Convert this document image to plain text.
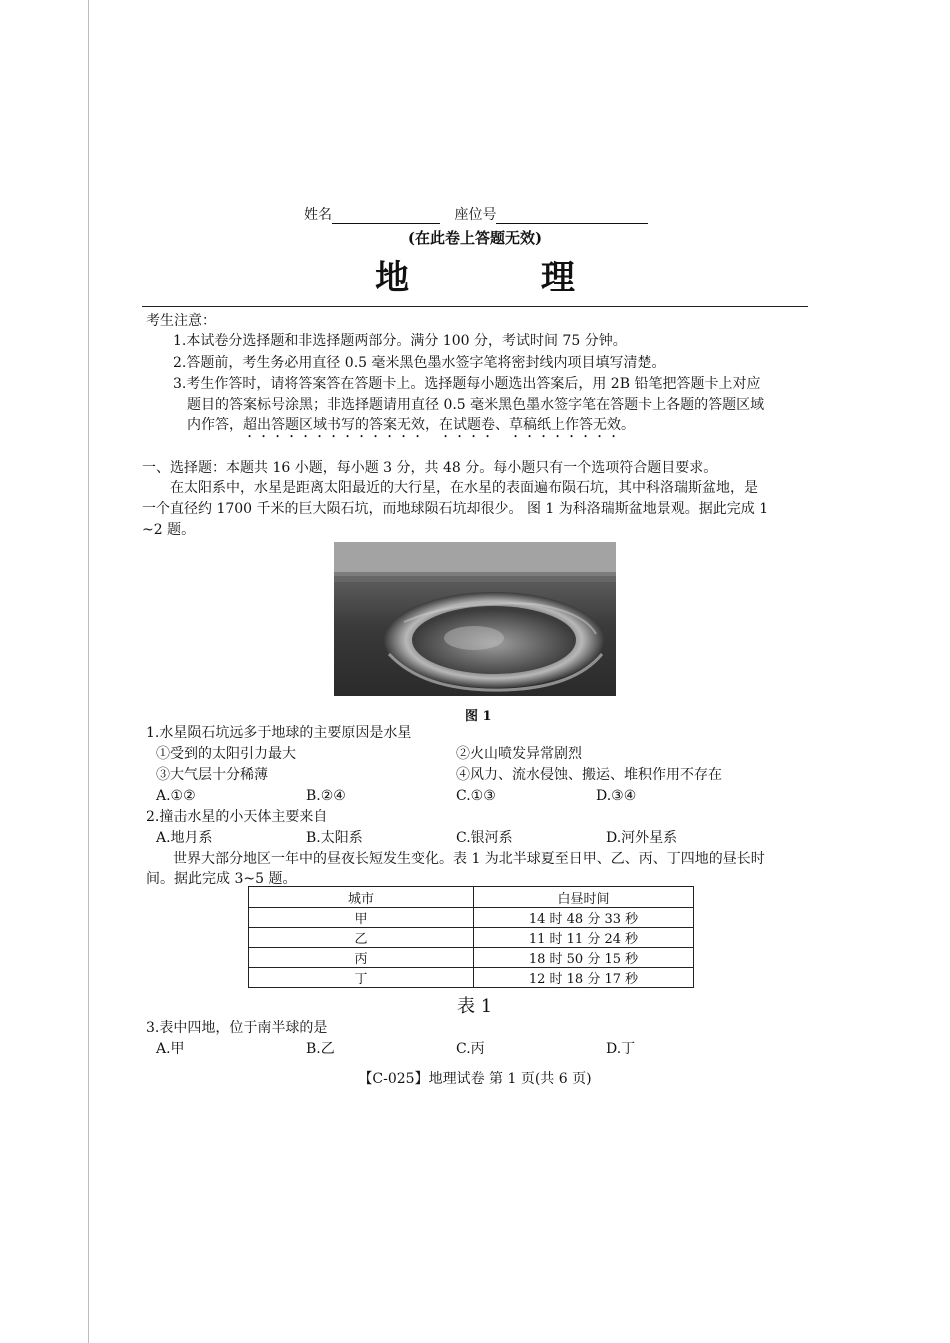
姓名	座位号
(在此卷上答题无效)
地 理
考生注意：
1.本试卷分选择题和非选择题两部分。满分 100 分，考试时间 75 分钟。
2.答题前，考生务必用直径 0.5 毫米黑色墨水签字笔将密封线内项目填写清楚。
3.考生作答时，请将答案答在答题卡上。选择题每小题选出答案后，用 2B 铅笔把答题卡上对应
题目的答案标号涂黑；非选择题请用直径 0.5 毫米黑色墨水签字笔在答题卡上各题的答题区域
内作答，超出答题区域书写的答案无效，在试题卷、草稿纸上作答无效。
一、选择题：本题共 16 小题，每小题 3 分，共 48 分。每小题只有一个选项符合题目要求。
在太阳系中，水星是距离太阳最近的大行星，在水星的表面遍布陨石坑，其中科洛瑞斯盆地，是
一个直径约 1700 千米的巨大陨石坑，而地球陨石坑却很少。 图 1 为科洛瑞斯盆地景观。据此完成 1
~2 题。
图 1
1.水星陨石坑远多于地球的主要原因是水星
①受到的太阳引力最大	②火山喷发异常剧烈
③大气层十分稀薄	④风力、流水侵蚀、搬运、堆积作用不存在
A.①②	B.②④	C.①③	D.③④
2.撞击水星的小天体主要来自
A.地月系	B.太阳系	C.银河系	D.河外星系
世界大部分地区一年中的昼夜长短发生变化。表 1 为北半球夏至日甲、乙、丙、丁四地的昼长时
间。据此完成 3~5 题。
城市	白昼时间
甲	14 时 48 分 33 秒
乙	11 时 11 分 24 秒
丙	18 时 50 分 15 秒
丁	12 时 18 分 17 秒
表 1
3.表中四地，位于南半球的是
A.甲	B.乙	C.丙	D.丁
【C-025】地理试卷 第 1 页(共 6 页)
